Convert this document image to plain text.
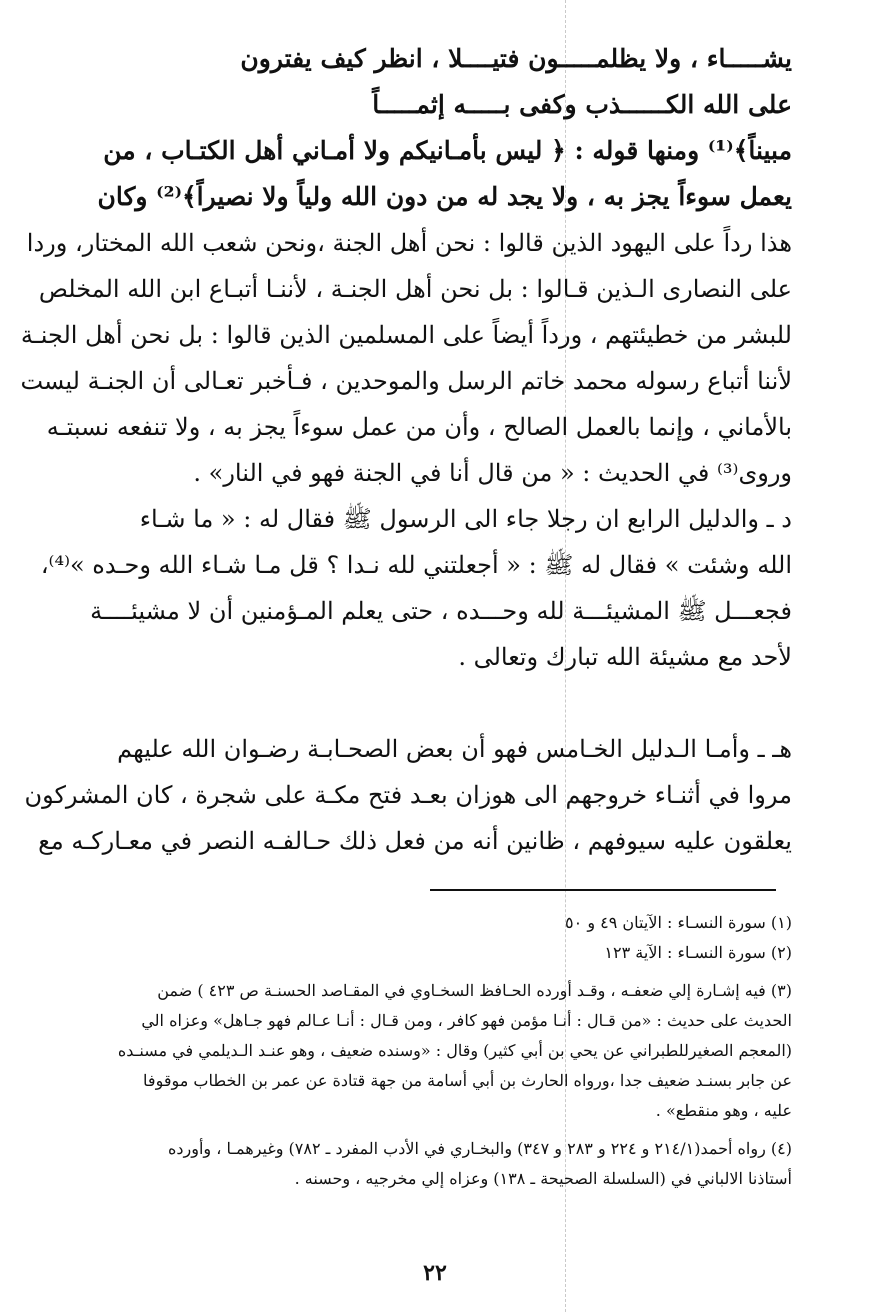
يشـــــاء ، ولا يظلمـــــون فتيــــلا ، انظر كيف يفترون
على الله الكــــــذب وكفى بـــــه إثمـــــاً
مبيناً﴾⁽¹⁾ ومنها قوله : ﴿ ليس بأمـانيكم ولا أمـاني أهل الكتـاب ، من
يعمل سوءاً يجز به ، ولا يجد له من دون الله ولياً ولا نصيراً﴾⁽²⁾ وكان
هذا رداً على اليهود الذين قالوا : نحن أهل الجنة ،ونحن شعب الله المختار، وردا
على النصارى الـذين قـالوا : بل نحن أهل الجنـة ، لأننـا أتبـاع ابن الله المخلص
للبشر من خطيئتهم ، ورداً أيضاً على المسلمين الذين قالوا : بل نحن أهل الجنـة
لأننا أتباع رسوله محمد خاتم الرسل والموحدين ، فـأخبر تعـالى أن الجنـة ليست
بالأماني ، وإنما بالعمل الصالح ، وأن من عمل سوءاً يجز به ، ولا تنفعه نسبتـه
وروى⁽³⁾ في الحديث : « من قال أنا في الجنة فهو في النار» .
د ـ والدليل الرابع ان رجلا جاء الى الرسول ﷺ فقال له : « ما شـاء
الله وشئت » فقال له ﷺ : « أجعلتني لله نـدا ؟ قل مـا شـاء الله وحـده »⁽⁴⁾،
فجعـــل ﷺ المشيئـــة لله وحـــده ، حتى يعلم المـؤمنين أن لا مشيئــــة
لأحد مع مشيئة الله تبارك وتعالى .
هـ ـ وأمـا الـدليل الخـامس فهو أن بعض الصحـابـة رضـوان الله عليهم
مروا في أثنـاء خروجهم الى هوزان بعـد فتح مكـة على شجرة ، كان المشركون
يعلقون عليه سيوفهم ، ظانين أنه من فعل ذلك حـالفـه النصر في معـاركـه مع
(١) سورة النسـاء : الآيتان ٤٩ و ٥٠
(٢) سورة النسـاء : الآية ١٢٣
(٣) فيه إشـارة إلي ضعفـه ، وقـد أورده الحـافظ السخـاوي في المقـاصد الحسنـة ص ٤٢٣ ) ضمن
الحديث على حديث : «من قـال : أنـا مؤمن فهو كافر ، ومن قـال : أنـا عـالم فهو جـاهل» وعزاه الي
(المعجم الصغيرللطبراني عن يحي بن أبي كثير) وقال : «وسنده ضعيف ، وهو عنـد الـديلمي في مسنـده
عن جابر بسنـد ضعيف جدا ،ورواه الحارث بن أبي أسامة من جهة قتادة عن عمر بن الخطاب موقوفا
عليه ، وهو منقطع» .
(٤) رواه أحمد(٢١٤/١ و ٢٢٤ و ٢٨٣ و ٣٤٧) والبخـاري في الأدب المفرد ـ ٧٨٢) وغيرهمـا ، وأورده
أستاذنا الالباني في (السلسلة الصحيحة ـ ١٣٨) وعزاه إلي مخرجيه ، وحسنه .
٢٢
